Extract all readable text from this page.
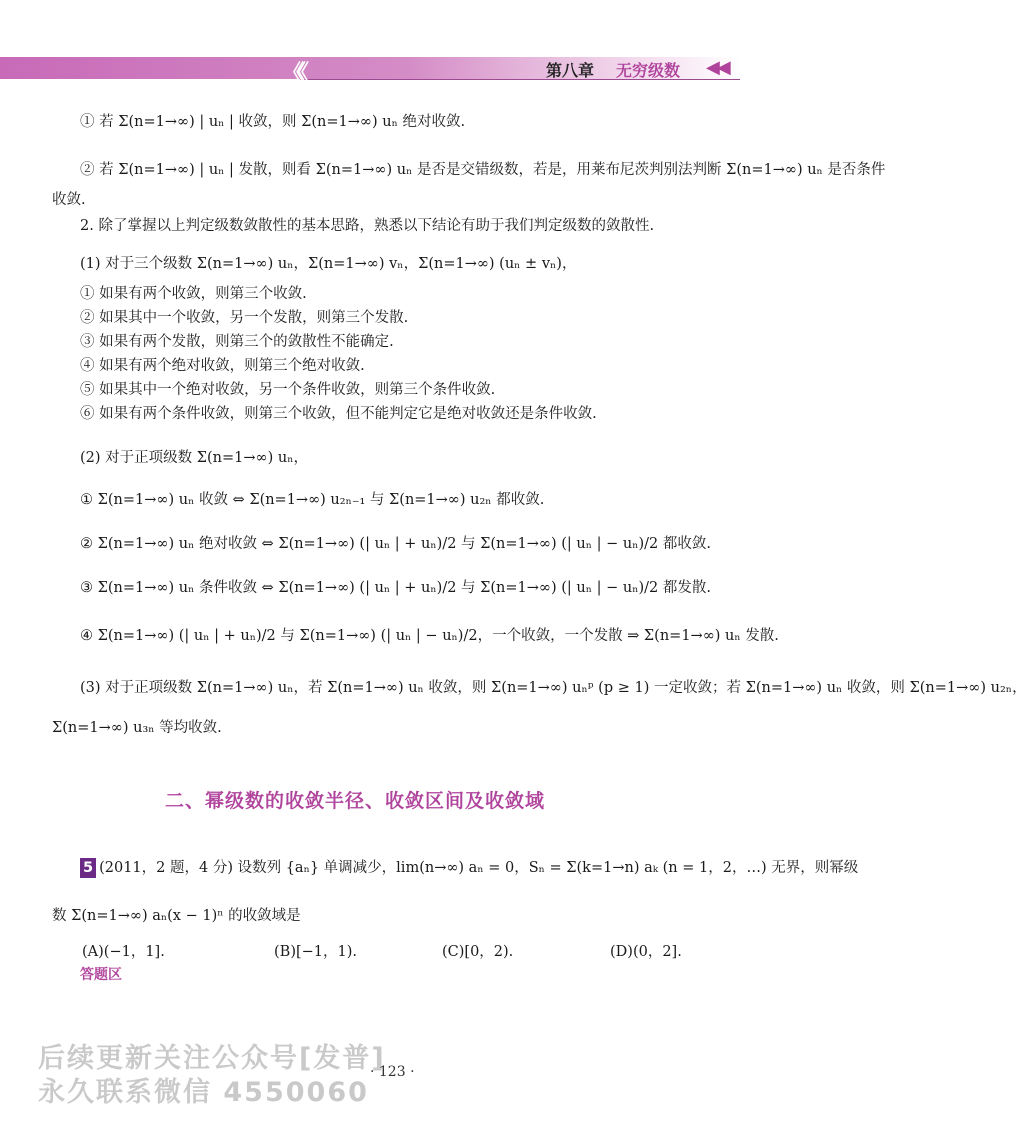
《《	第八章 无穷级数 ◀◀
① 若 Σ(n=1→∞) | uₙ | 收敛，则 Σ(n=1→∞) uₙ 绝对收敛.
② 若 Σ(n=1→∞) | uₙ | 发散，则看 Σ(n=1→∞) uₙ 是否是交错级数，若是，用莱布尼茨判别法判断 Σ(n=1→∞) uₙ 是否条件
收敛.
2. 除了掌握以上判定级数敛散性的基本思路，熟悉以下结论有助于我们判定级数的敛散性.
(1) 对于三个级数 Σ(n=1→∞) uₙ，Σ(n=1→∞) vₙ，Σ(n=1→∞) (uₙ ± vₙ)，
① 如果有两个收敛，则第三个收敛.
② 如果其中一个收敛，另一个发散，则第三个发散.
③ 如果有两个发散，则第三个的敛散性不能确定.
④ 如果有两个绝对收敛，则第三个绝对收敛.
⑤ 如果其中一个绝对收敛，另一个条件收敛，则第三个条件收敛.
⑥ 如果有两个条件收敛，则第三个收敛，但不能判定它是绝对收敛还是条件收敛.
(2) 对于正项级数 Σ(n=1→∞) uₙ，
① Σ(n=1→∞) uₙ 收敛 ⇔ Σ(n=1→∞) u₂ₙ₋₁ 与 Σ(n=1→∞) u₂ₙ 都收敛.
② Σ(n=1→∞) uₙ 绝对收敛 ⇔ Σ(n=1→∞) (| uₙ | + uₙ)/2 与 Σ(n=1→∞) (| uₙ | − uₙ)/2 都收敛.
③ Σ(n=1→∞) uₙ 条件收敛 ⇔ Σ(n=1→∞) (| uₙ | + uₙ)/2 与 Σ(n=1→∞) (| uₙ | − uₙ)/2 都发散.
④ Σ(n=1→∞) (| uₙ | + uₙ)/2 与 Σ(n=1→∞) (| uₙ | − uₙ)/2，一个收敛，一个发散 ⇒ Σ(n=1→∞) uₙ 发散.
(3) 对于正项级数 Σ(n=1→∞) uₙ，若 Σ(n=1→∞) uₙ 收敛，则 Σ(n=1→∞) uₙᵖ (p ≥ 1) 一定收敛；若 Σ(n=1→∞) uₙ 收敛，则 Σ(n=1→∞) u₂ₙ，
Σ(n=1→∞) u₃ₙ 等均收敛.
二、幂级数的收敛半径、收敛区间及收敛域
5 (2011，2 题，4 分) 设数列 {aₙ} 单调减少，lim(n→∞) aₙ = 0，Sₙ = Σ(k=1→n) aₖ (n = 1，2，…) 无界，则幂级
数 Σ(n=1→∞) aₙ(x − 1)ⁿ 的收敛域是
(A)(−1，1].	(B)[−1，1).	(C)[0，2).	(D)(0，2].
答题区
后续更新关注公众号[发普]
永久联系微信 4550060
· 123 ·
